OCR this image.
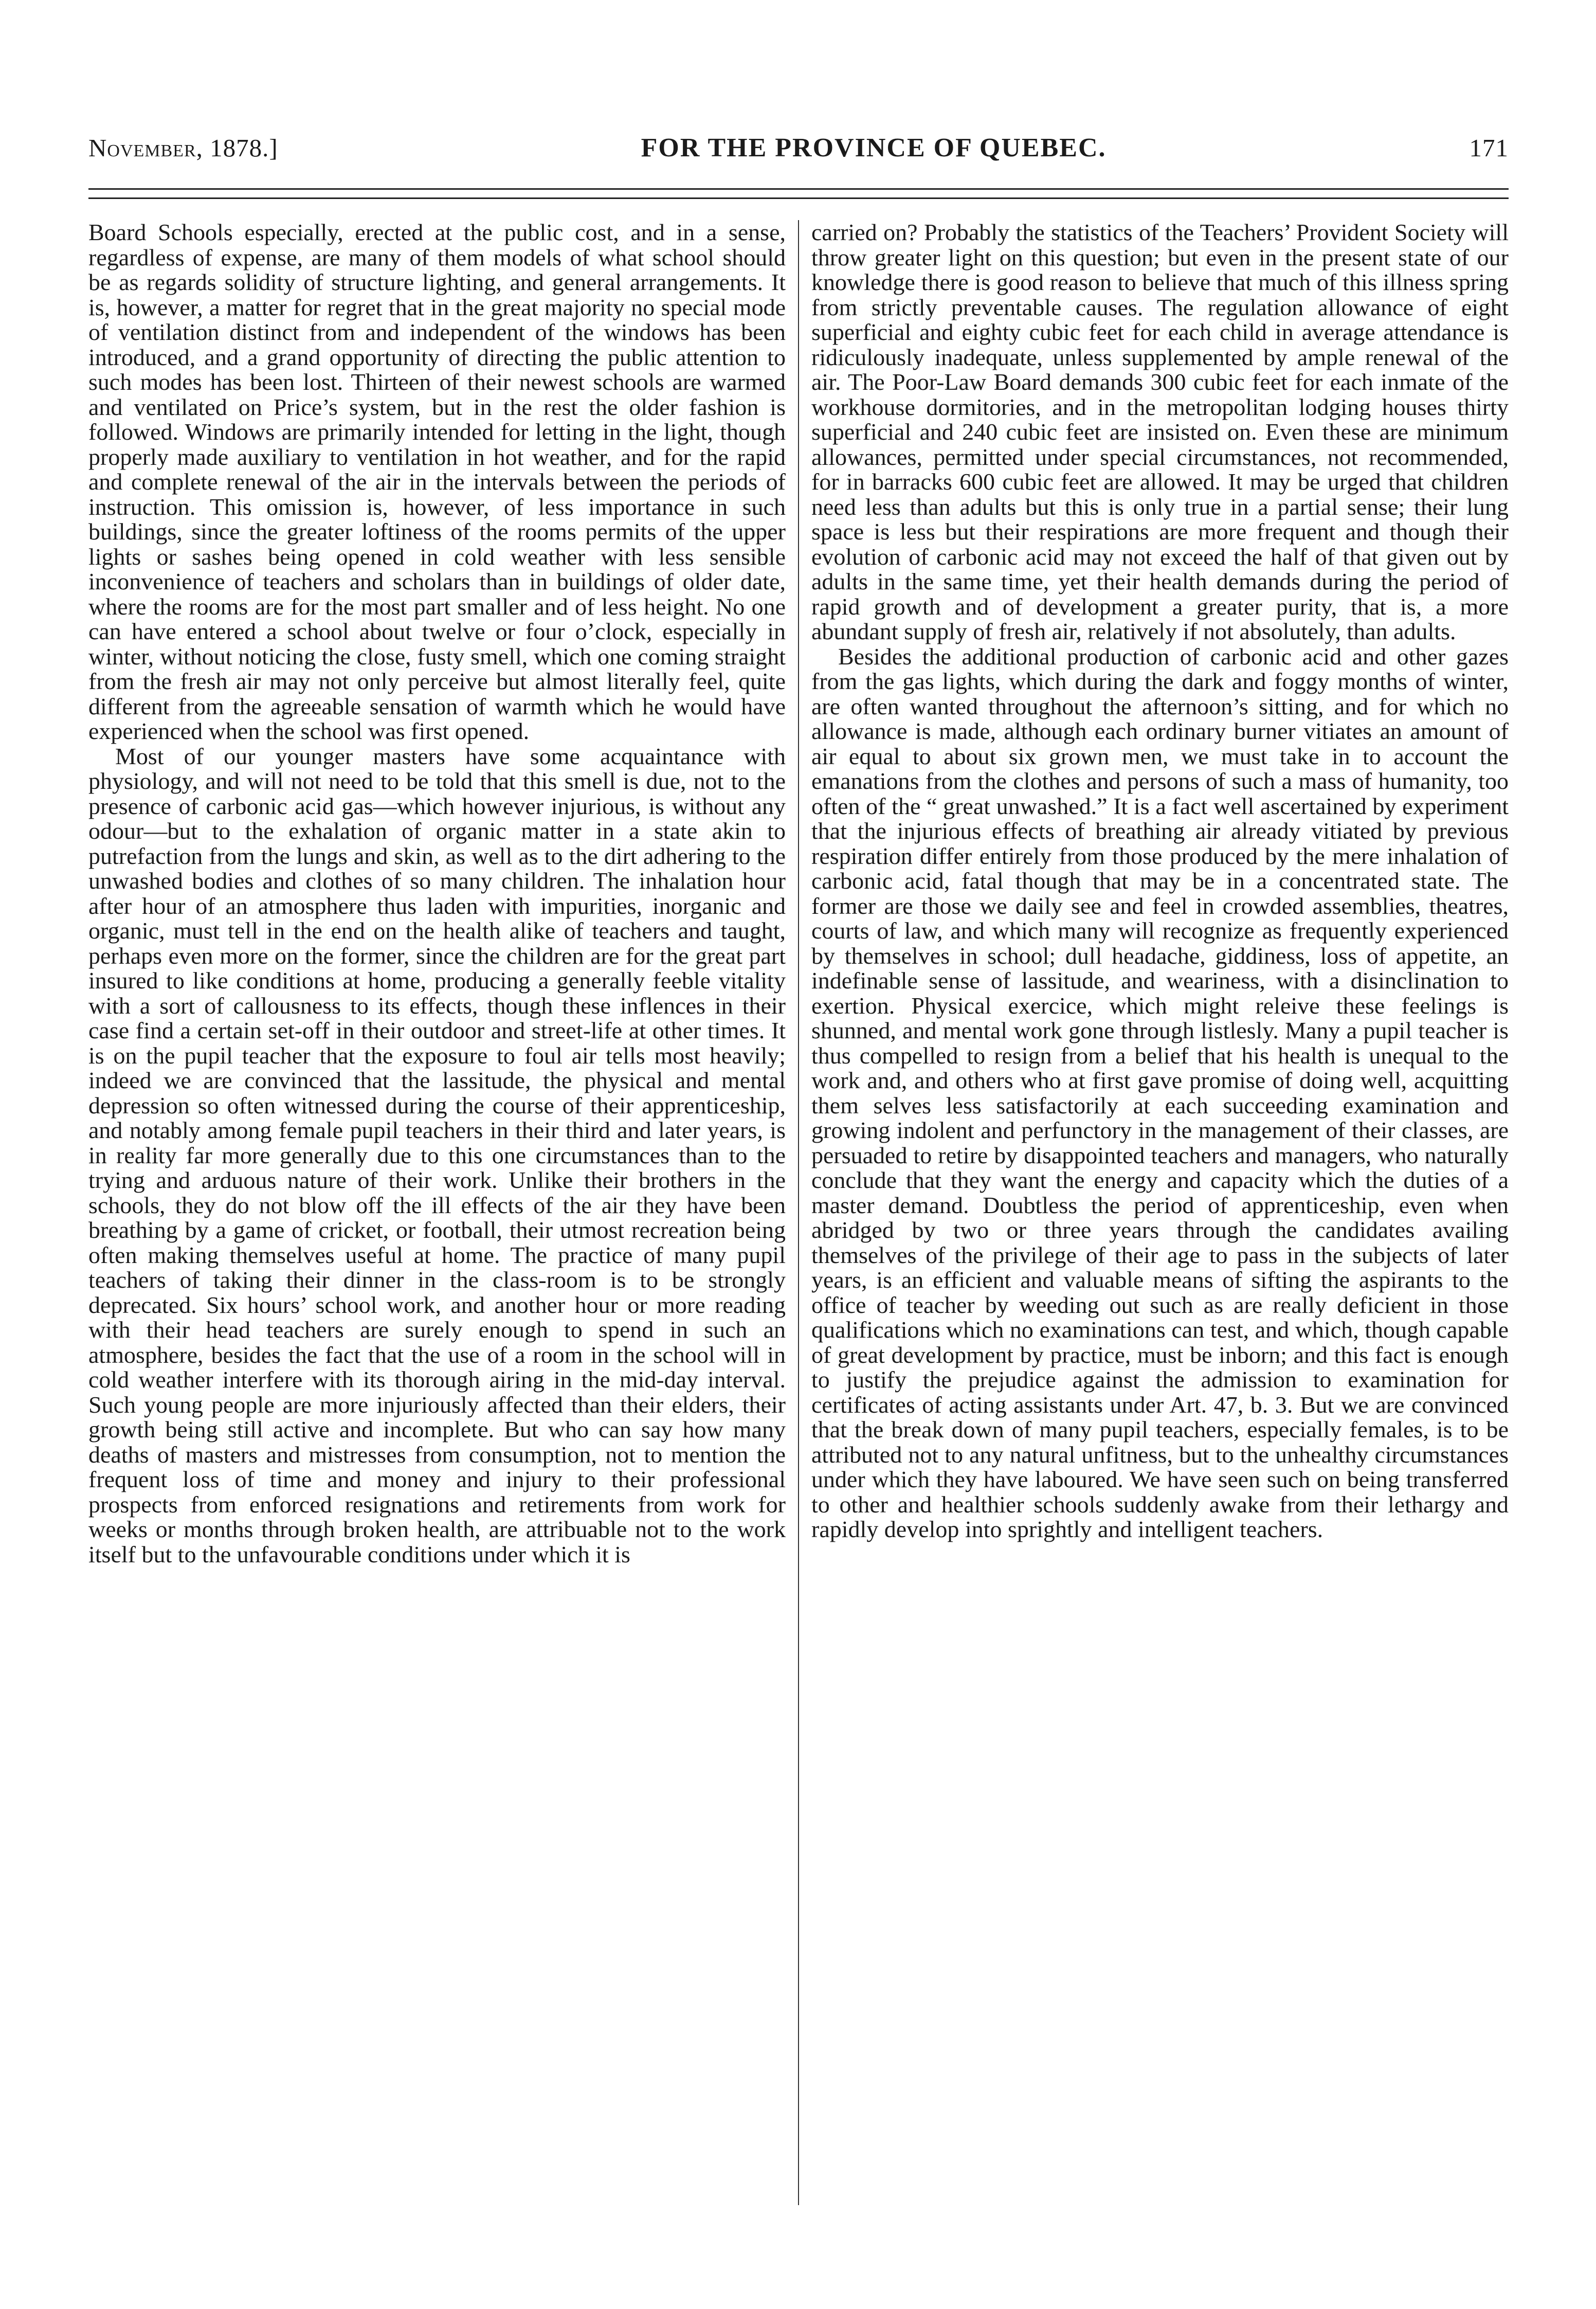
November, 1878.]	FOR THE PROVINCE OF QUEBEC.	171

Board Schools especially, erected at the public cost, and in a sense, regardless of expense, are many of them models of what school should be as regards solidity of structure lighting, and general arrangements. It is, however, a matter for regret that in the great majority no special mode of ventilation distinct from and independent of the windows has been introduced, and a grand opportunity of directing the public attention to such modes has been lost. Thirteen of their newest schools are warmed and ventilated on Price’s system, but in the rest the older fashion is followed. Windows are primarily intended for letting in the light, though properly made auxiliary to ventilation in hot weather, and for the rapid and complete renewal of the air in the intervals between the periods of instruction. This omission is, however, of less importance in such buildings, since the greater loftiness of the rooms permits of the upper lights or sashes being opened in cold weather with less sensible inconvenience of teachers and scholars than in buildings of older date, where the rooms are for the most part smaller and of less height. No one can have entered a school about twelve or four o’clock, especially in winter, without noticing the close, fusty smell, which one coming straight from the fresh air may not only perceive but almost literally feel, quite different from the agreeable sensation of warmth which he would have experienced when the school was first opened.

Most of our younger masters have some acquaintance with physiology, and will not need to be told that this smell is due, not to the presence of carbonic acid gas—which however injurious, is without any odour—but to the exhalation of organic matter in a state akin to putrefaction from the lungs and skin, as well as to the dirt adhering to the unwashed bodies and clothes of so many children. The inhalation hour after hour of an atmosphere thus laden with impurities, inorganic and organic, must tell in the end on the health alike of teachers and taught, perhaps even more on the former, since the children are for the great part insured to like conditions at home, producing a generally feeble vitality with a sort of callousness to its effects, though these inflences in their case find a certain set-off in their outdoor and street-life at other times. It is on the pupil teacher that the exposure to foul air tells most heavily; indeed we are convinced that the lassitude, the physical and mental depression so often witnessed during the course of their apprenticeship, and notably among female pupil teachers in their third and later years, is in reality far more generally due to this one circumstances than to the trying and arduous nature of their work. Unlike their brothers in the schools, they do not blow off the ill effects of the air they have been breathing by a game of cricket, or football, their utmost recreation being often making themselves useful at home. The practice of many pupil teachers of taking their dinner in the class-room is to be strongly deprecated. Six hours’ school work, and another hour or more reading with their head teachers are surely enough to spend in such an atmosphere, besides the fact that the use of a room in the school will in cold weather interfere with its thorough airing in the mid-day interval. Such young people are more injuriously affected than their elders, their growth being still active and incomplete. But who can say how many deaths of masters and mistresses from consumption, not to mention the frequent loss of time and money and injury to their professional prospects from enforced resignations and retirements from work for weeks or months through broken health, are attribuable not to the work itself but to the unfavourable conditions under which it is

carried on? Probably the statistics of the Teachers’ Provident Society will throw greater light on this question; but even in the present state of our knowledge there is good reason to believe that much of this illness spring from strictly preventable causes. The regulation allowance of eight superficial and eighty cubic feet for each child in average attendance is ridiculously inadequate, unless supplemented by ample renewal of the air. The Poor-Law Board demands 300 cubic feet for each inmate of the workhouse dormitories, and in the metropolitan lodging houses thirty superficial and 240 cubic feet are insisted on. Even these are minimum allowances, permitted under special circumstances, not recommended, for in barracks 600 cubic feet are allowed. It may be urged that children need less than adults but this is only true in a partial sense; their lung space is less but their respirations are more frequent and though their evolution of carbonic acid may not exceed the half of that given out by adults in the same time, yet their health demands during the period of rapid growth and of development a greater purity, that is, a more abundant supply of fresh air, relatively if not absolutely, than adults.

Besides the additional production of carbonic acid and other gazes from the gas lights, which during the dark and foggy months of winter, are often wanted throughout the afternoon’s sitting, and for which no allowance is made, although each ordinary burner vitiates an amount of air equal to about six grown men, we must take in to account the emanations from the clothes and persons of such a mass of humanity, too often of the “ great unwashed.” It is a fact well ascertained by experiment that the injurious effects of breathing air already vitiated by previous respiration differ entirely from those produced by the mere inhalation of carbonic acid, fatal though that may be in a concentrated state. The former are those we daily see and feel in crowded assemblies, theatres, courts of law, and which many will recognize as frequently experienced by themselves in school; dull headache, giddiness, loss of appetite, an indefinable sense of lassitude, and weariness, with a disinclination to exertion. Physical exercice, which might releive these feelings is shunned, and mental work gone through listlesly. Many a pupil teacher is thus compelled to resign from a belief that his health is unequal to the work and, and others who at first gave promise of doing well, acquitting them selves less satisfactorily at each succeeding examination and growing indolent and perfunctory in the management of their classes, are persuaded to retire by disappointed teachers and managers, who naturally conclude that they want the energy and capacity which the duties of a master demand. Doubtless the period of apprenticeship, even when abridged by two or three years through the candidates availing themselves of the privilege of their age to pass in the subjects of later years, is an efficient and valuable means of sifting the aspirants to the office of teacher by weeding out such as are really deficient in those qualifications which no examinations can test, and which, though capable of great development by practice, must be inborn; and this fact is enough to justify the prejudice against the admission to examination for certificates of acting assistants under Art. 47, b. 3. But we are convinced that the break down of many pupil teachers, especially females, is to be attributed not to any natural unfitness, but to the unhealthy circumstances under which they have laboured. We have seen such on being transferred to other and healthier schools suddenly awake from their lethargy and rapidly develop into sprightly and intelligent teachers.
